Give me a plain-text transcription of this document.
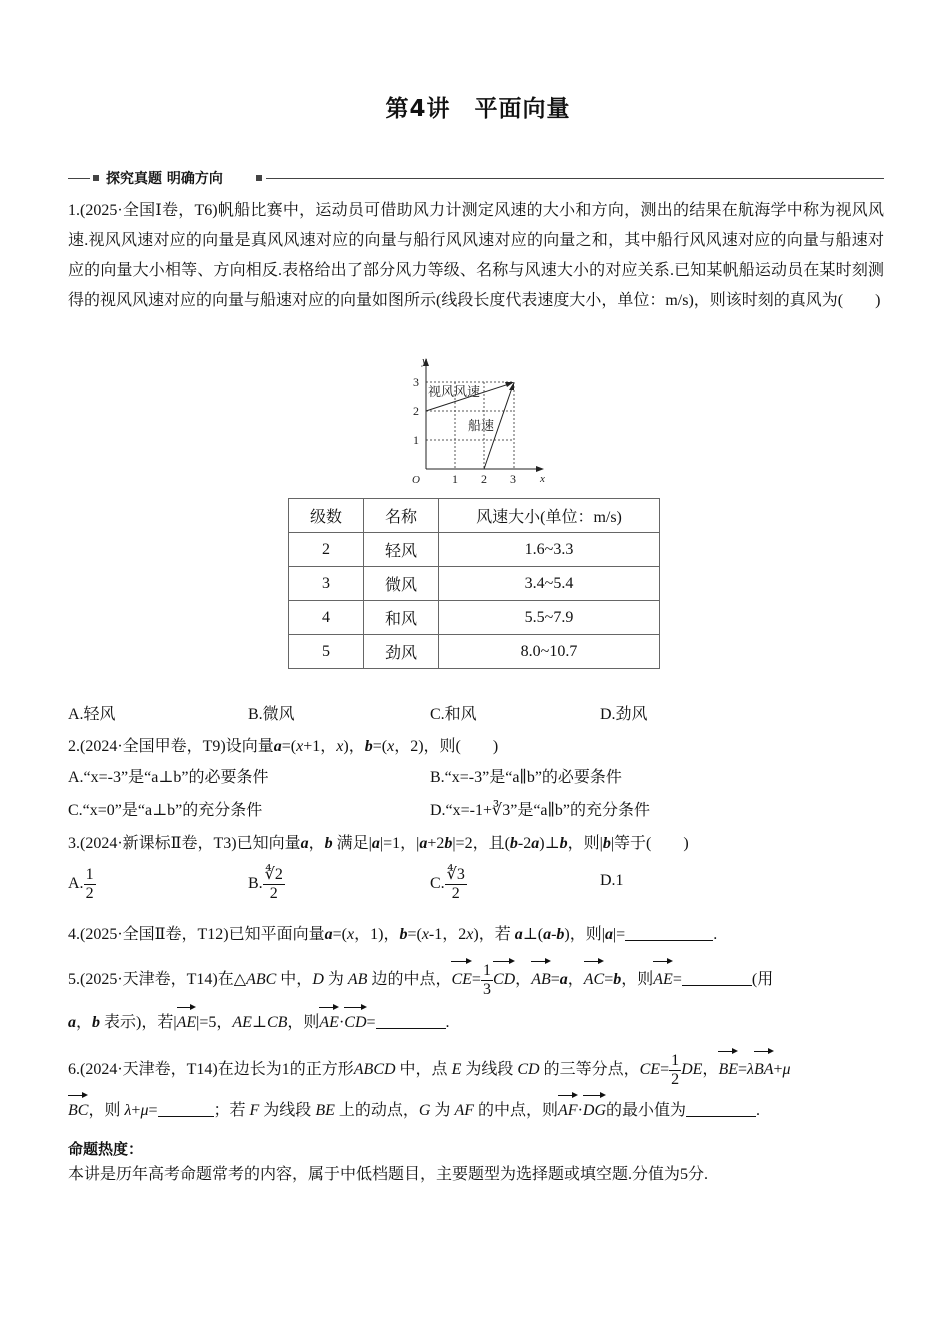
第4讲　平面向量
探究真题 明确方向

1.(2025·全国Ⅰ卷，T6)帆船比赛中，运动员可借助风力计测定风速的大小和方向，测出的结果在航海学中称为视风风速.视风风速对应的向量是真风风速对应的向量与船行风风速对应的向量之和，其中船行风风速对应的向量与船速对应的向量大小相等、方向相反.表格给出了部分风力等级、名称与风速大小的对应关系.已知某帆船运动员在某时刻测得的视风风速对应的向量与船速对应的向量如图所示(线段长度代表速度大小，单位：m/s)，则该时刻的真风为(　　)

y
x
O	1 2 3
1
2
3
视风风速
船速
级数	名称	风速大小(单位：m/s)
2	轻风	1.6~3.3
3	微风	3.4~5.4
4	和风	5.5~7.9
5	劲风	8.0~10.7
A.轻风	B.微风	C.和风	D.劲风
2.(2024·全国甲卷，T9)设向量a=(x+1，x)，b=(x，2)，则(　　)
A.“x=-3”是“a⊥b”的必要条件	B.“x=-3”是“a∥b”的必要条件
C.“x=0”是“a⊥b”的充分条件	D.“x=-1+∛3”是“a∥b”的充分条件
3.(2024·新课标Ⅱ卷，T3)已知向量a，b 满足|a|=1，|a+2b|=2，且(b-2a)⊥b，则|b|等于(　　)
A. $\frac{1}{2}$	B. $\frac{∜2}{2}$	C. $\frac{∜3}{2}$	D.1
4.(2025·全国Ⅱ卷，T12)已知平面向量a=(x，1)，b=(x-1，2x)，若 a⊥(a-b)，则|a|=	.
5.(2025·天津卷，T14)在△ABC 中，D 为 AB 边的中点，$CE= \frac{1}{3}$ CD，AB=a，AC=b，则AE=	(用
a，b 表示)，若|AE|=5，AE⊥CB，则AE·CD=	.
6.(2024·天津卷，T14)在边长为1的正方形ABCD 中，点 E 为线段 CD 的三等分点，$CE= \frac{1}{2}$ DE，BE=λBA+μ
BC，则 λ+μ=	；若 F 为线段 BE 上的动点，G 为 AF 的中点，则AF·DG的最小值为	.
命题热度：
本讲是历年高考命题常考的内容，属于中低档题目，主要题型为选择题或填空题.分值为5分.
